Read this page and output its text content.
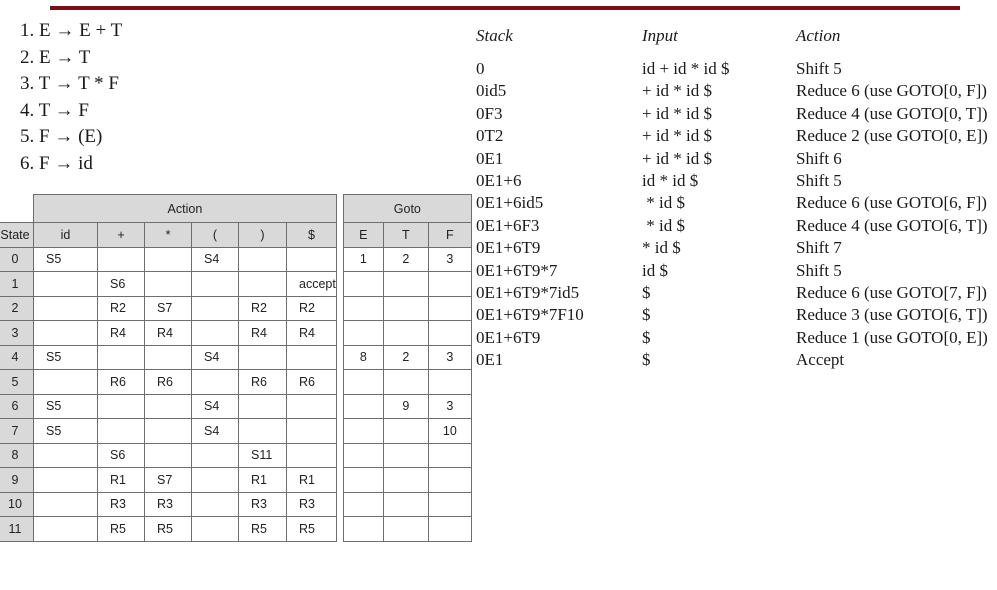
1. E → E + T
2. E → T
3. T → T * F
4. T → F
5. F → (E)
6. F → id
	Action							Goto		
State	id	+	*	(	)	$		E	T	F
0	S5			S4				1	2	3
1		S6				accept				
2		R2	S7		R2	R2				
3		R4	R4		R4	R4				
4	S5			S4				8	2	3
5		R6	R6		R6	R6				
6	S5			S4					9	3
7	S5			S4						10
8		S6			S11					
9		R1	S7		R1	R1				
10		R3	R3		R3	R3				
11		R5	R5		R5	R5				
Stack	Input	Action
0	id + id * id $	Shift 5
0id5	+ id * id $	Reduce 6 (use GOTO[0, F])
0F3	+ id * id $	Reduce 4 (use GOTO[0, T])
0T2	+ id * id $	Reduce 2 (use GOTO[0, E])
0E1	+ id * id $	Shift 6
0E1+6	id * id $	Shift 5
0E1+6id5	* id $	Reduce 6 (use GOTO[6, F])
0E1+6F3	* id $	Reduce 4 (use GOTO[6, T])
0E1+6T9	* id $	Shift 7
0E1+6T9*7	id $	Shift 5
0E1+6T9*7id5	$	Reduce 6 (use GOTO[7, F])
0E1+6T9*7F10	$	Reduce 3 (use GOTO[6, T])
0E1+6T9	$	Reduce 1 (use GOTO[0, E])
0E1	$	Accept
